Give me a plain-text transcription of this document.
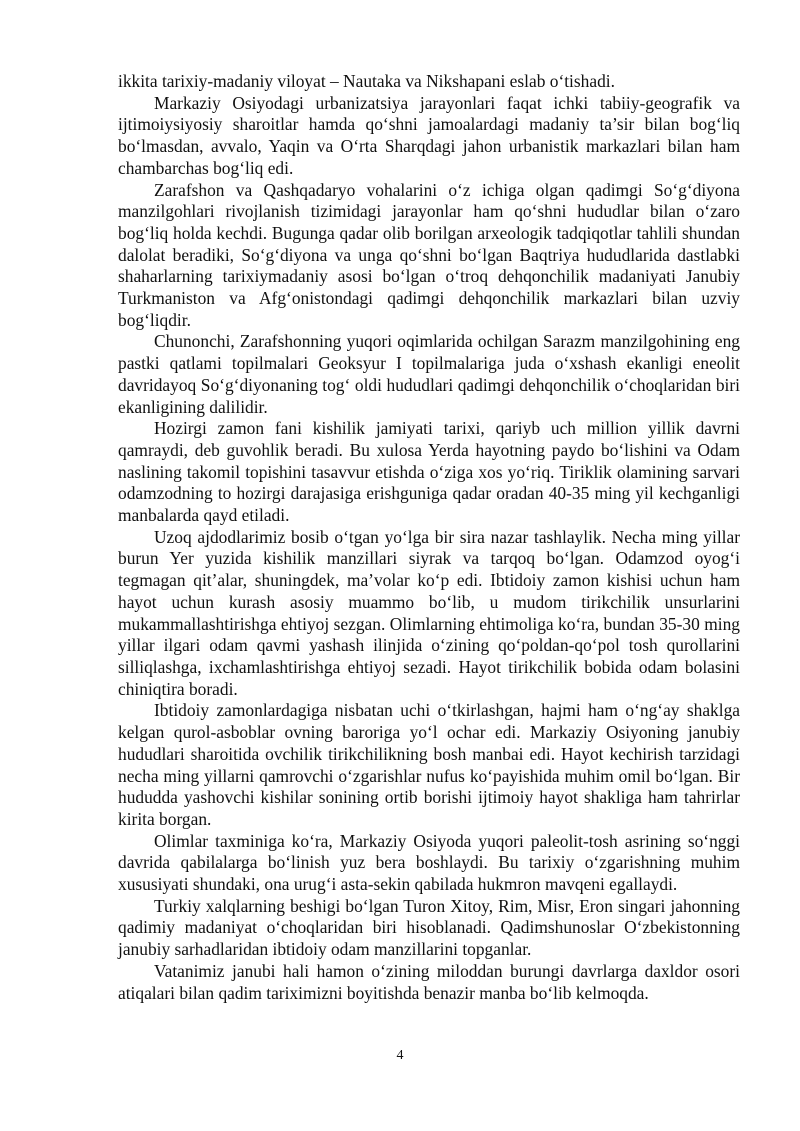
ikkita tarixiy-madaniy viloyat – Nautaka va Nikshapani eslab o‘tishadi.

Markaziy Osiyodagi urbanizatsiya jarayonlari faqat ichki tabiiy-geografik va ijtimoiysiyosiy sharoitlar hamda qo‘shni jamoalardagi madaniy ta’sir bilan bog‘liq bo‘lmasdan, avvalo, Yaqin va O‘rta Sharqdagi jahon urbanistik markazlari bilan ham chambarchas bog‘liq edi.

Zarafshon va Qashqadaryo vohalarini o‘z ichiga olgan qadimgi So‘g‘diyona manzilgohlari rivojlanish tizimidagi jarayonlar ham qo‘shni hududlar bilan o‘zaro bog‘liq holda kechdi. Bugunga qadar olib borilgan arxeologik tadqiqotlar tahlili shundan dalolat beradiki, So‘g‘diyona va unga qo‘shni bo‘lgan Baqtriya hududlarida dastlabki shaharlarning tarixiymadaniy asosi bo‘lgan o‘troq dehqonchilik madaniyati Janubiy Turkmaniston va Afg‘onistondagi qadimgi dehqonchilik markazlari bilan uzviy bog‘liqdir.

Chunonchi, Zarafshonning yuqori oqimlarida ochilgan Sarazm manzilgohining eng pastki qatlami topilmalari Geoksyur I topilmalariga juda o‘xshash ekanligi eneolit davridayoq So‘g‘diyonaning tog‘ oldi hududlari qadimgi dehqonchilik o‘choqlaridan biri ekanligining dalilidir.

Hozirgi zamon fani kishilik jamiyati tarixi, qariyb uch million yillik davrni qamraydi, deb guvohlik beradi. Bu xulosa Yerda hayotning paydo bo‘lishini va Odam naslining takomil topishini tasavvur etishda o‘ziga xos yo‘riq. Tiriklik olamining sarvari odamzodning to hozirgi darajasiga erishguniga qadar oradan 40-35 ming yil kechganligi manbalarda qayd etiladi.

Uzoq ajdodlarimiz bosib o‘tgan yo‘lga bir sira nazar tashlaylik. Necha ming yillar burun Yer yuzida kishilik manzillari siyrak va tarqoq bo‘lgan. Odamzod oyog‘i tegmagan qit’alar, shuningdek, ma’volar ko‘p edi. Ibtidoiy zamon kishisi uchun ham hayot uchun kurash asosiy muammo bo‘lib, u mudom tirikchilik unsurlarini mukammallashtirishga ehtiyoj sezgan. Olimlarning ehtimoliga ko‘ra, bundan 35-30 ming yillar ilgari odam qavmi yashash ilinjida o‘zining qo‘poldan-qo‘pol tosh qurollarini silliqlashga, ixchamlashtirishga ehtiyoj sezadi. Hayot tirikchilik bobida odam bolasini chiniqtira boradi.

Ibtidoiy zamonlardagiga nisbatan uchi o‘tkirlashgan, hajmi ham o‘ng‘ay shaklga kelgan qurol-asboblar ovning baroriga yo‘l ochar edi. Markaziy Osiyoning janubiy hududlari sharoitida ovchilik tirikchilikning bosh manbai edi. Hayot kechirish tarzidagi necha ming yillarni qamrovchi o‘zgarishlar nufus ko‘payishida muhim omil bo‘lgan. Bir hududda yashovchi kishilar sonining ortib borishi ijtimoiy hayot shakliga ham tahrirlar kirita borgan.

Olimlar taxminiga ko‘ra, Markaziy Osiyoda yuqori paleolit-tosh asrining so‘nggi davrida qabilalarga bo‘linish yuz bera boshlaydi. Bu tarixiy o‘zgarishning muhim xususiyati shundaki, ona urug‘i asta-sekin qabilada hukmron mavqeni egallaydi.

Turkiy xalqlarning beshigi bo‘lgan Turon Xitoy, Rim, Misr, Eron singari jahonning qadimiy madaniyat o‘choqlaridan biri hisoblanadi. Qadimshunoslar O‘zbekistonning janubiy sarhadlaridan ibtidoiy odam manzillarini topganlar.

Vatanimiz janubi hali hamon o‘zining miloddan burungi davrlarga daxldor osori atiqalari bilan qadim tariximizni boyitishda benazir manba bo‘lib kelmoqda.

4
